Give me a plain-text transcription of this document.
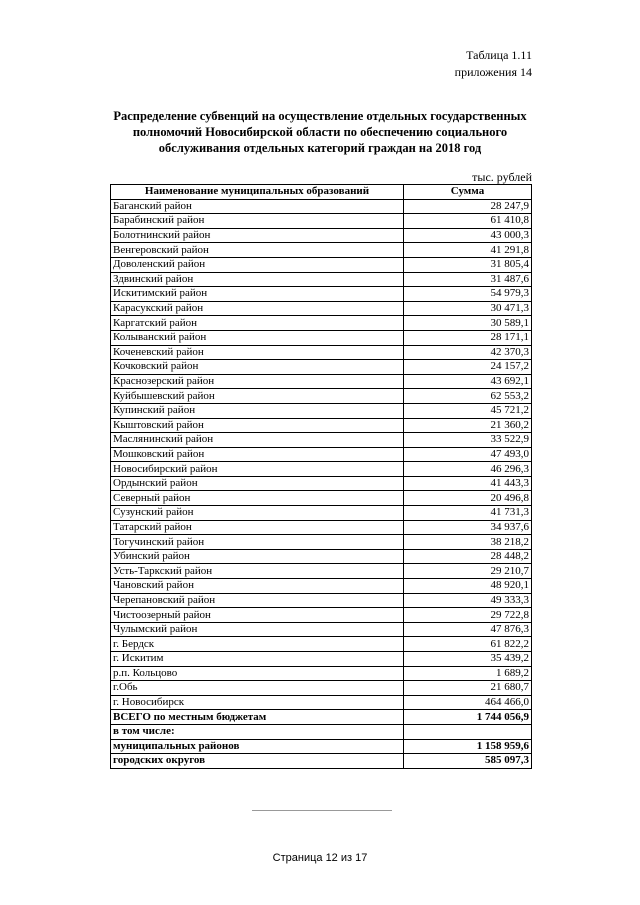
Таблица 1.11
приложения 14
Распределение субвенций на осуществление отдельных государственных полномочий Новосибирской области по обеспечению социального обслуживания отдельных категорий граждан на 2018 год
тыс. рублей
Наименование муниципальных образований	Сумма
Баганский район	28 247,9
Барабинский район	61 410,8
Болотнинский район	43 000,3
Венгеровский район	41 291,8
Доволенский район	31 805,4
Здвинский район	31 487,6
Искитимский район	54 979,3
Карасукский район	30 471,3
Каргатский район	30 589,1
Колыванский район	28 171,1
Коченевский район	42 370,3
Кочковский район	24 157,2
Краснозерский район	43 692,1
Куйбышевский район	62 553,2
Купинский район	45 721,2
Кыштовский район	21 360,2
Маслянинский район	33 522,9
Мошковский район	47 493,0
Новосибирский район	46 296,3
Ордынский район	41 443,3
Северный район	20 496,8
Сузунский район	41 731,3
Татарский район	34 937,6
Тогучинский район	38 218,2
Убинский район	28 448,2
Усть-Таркский район	29 210,7
Чановский район	48 920,1
Черепановский район	49 333,3
Чистоозерный район	29 722,8
Чулымский район	47 876,3
г. Бердск	61 822,2
г. Искитим	35 439,2
р.п. Кольцово	1 689,2
г.Обь	21 680,7
г. Новосибирск	464 466,0
ВСЕГО по местным бюджетам	1 744 056,9
в том числе:	
муниципальных районов	1 158 959,6
городских округов	585 097,3
Страница 12 из 17
